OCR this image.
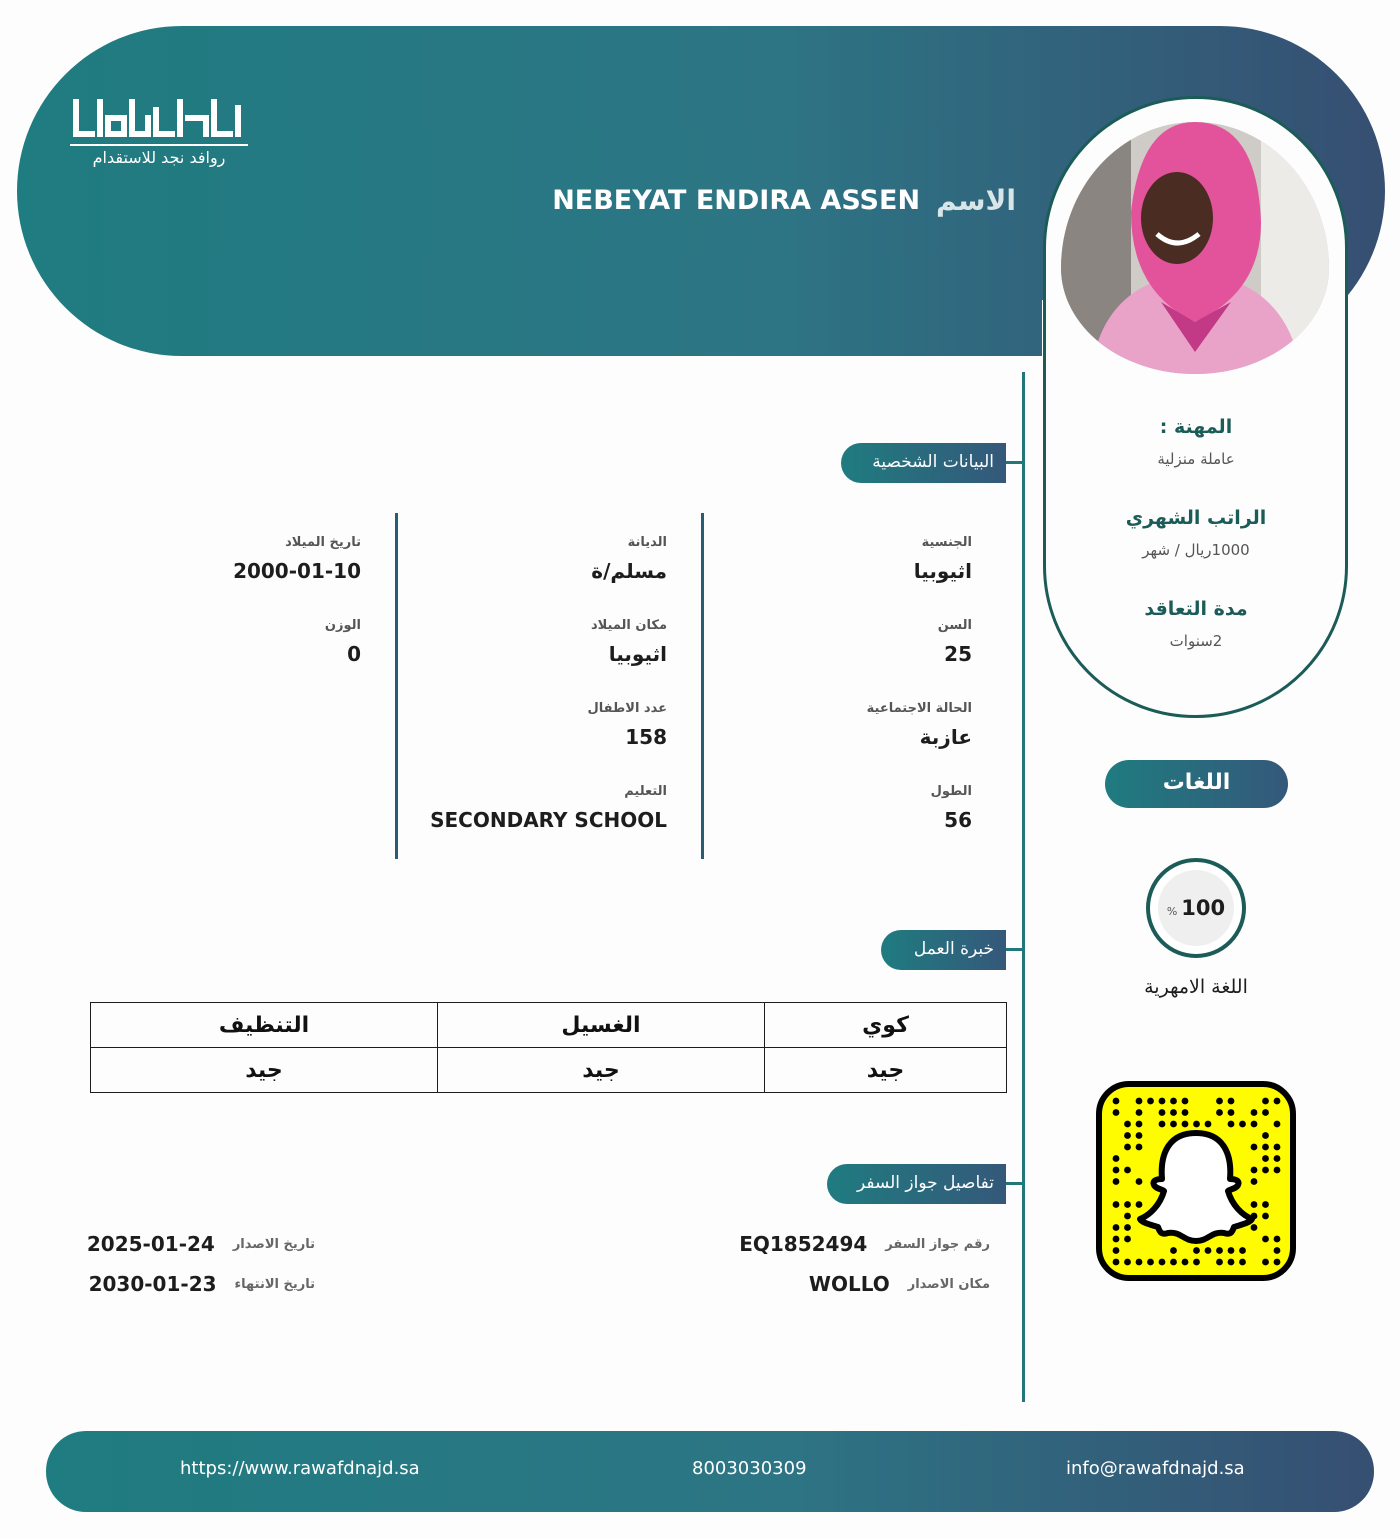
روافد نجد للاستقدام
الاسم
NEBEYAT ENDIRA ASSEN
المهنة :
عاملة منزلية
الراتب الشهري
1000ريال / شهر
مدة التعاقد
2سنوات
اللغات
% 100
اللغة الامهرية
البيانات الشخصية
الجنسية
اثيوبيا
السن
25
الحالة الاجتماعية
عازبة
الطول
56
الديانة
مسلم/ة
مكان الميلاد
اثيوبيا
عدد الاطفال
158
التعليم
SECONDARY SCHOOL
تاريخ الميلاد
2000-01-10
الوزن
0
خبرة العمل
التنظيف	الغسيل	كوي
جيد	جيد	جيد
تفاصيل جواز السفر
رقم جواز السفر
EQ1852494
مكان الاصدار
WOLLO
تاريخ الاصدار
2025-01-24
تاريخ الانتهاء
2030-01-23
https://www.rawafdnajd.sa	8003030309	info@rawafdnajd.sa
